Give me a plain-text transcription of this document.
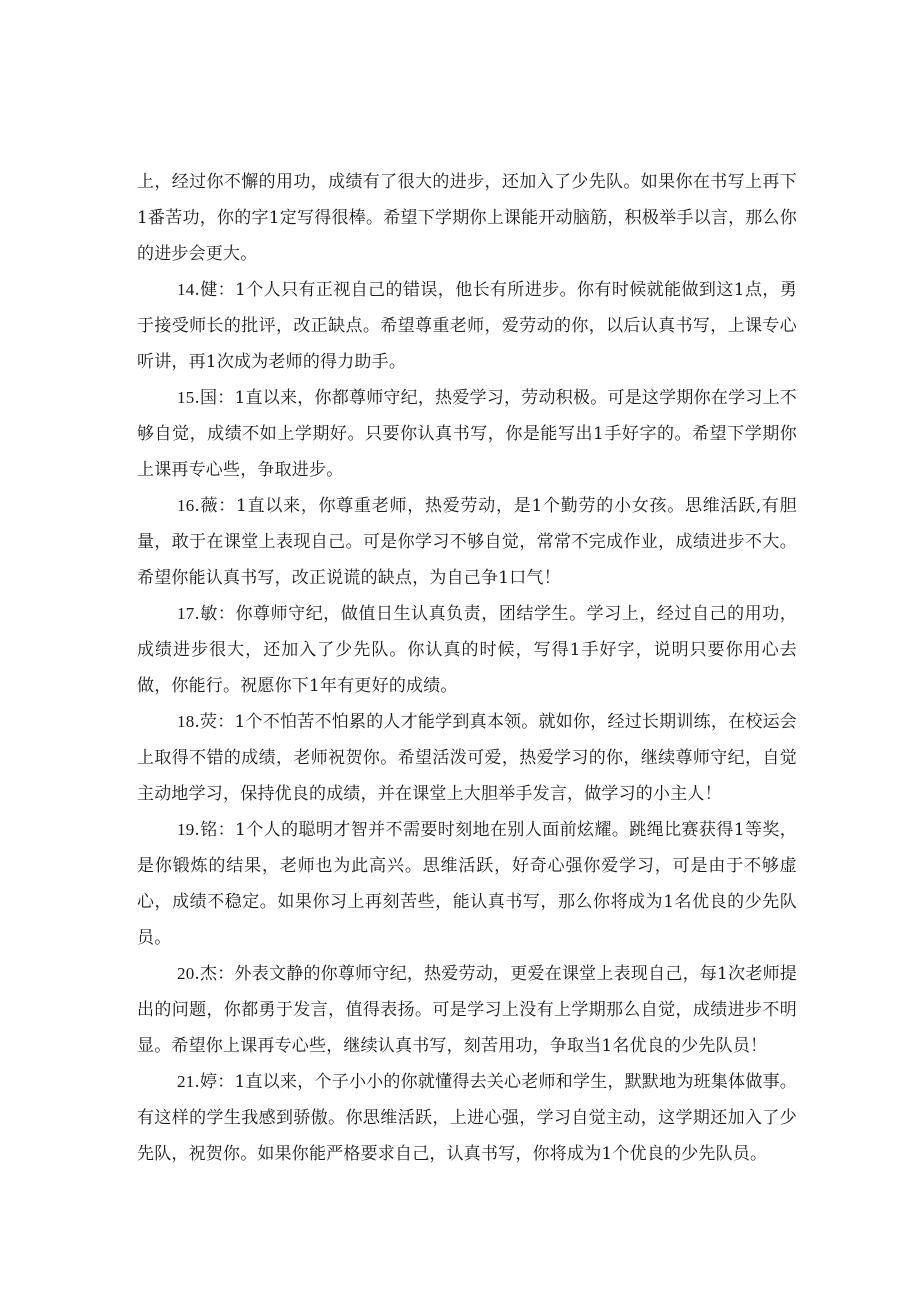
上，经过你不懈的用功，成绩有了很大的进步，还加入了少先队。如果你在书写上再下1番苦功，你的字1定写得很棒。希望下学期你上课能开动脑筋，积极举手以言，那么你的进步会更大。

14.健：1个人只有正视自己的错误，他长有所进步。你有时候就能做到这1点，勇于接受师长的批评，改正缺点。希望尊重老师，爱劳动的你，以后认真书写，上课专心听讲，再1次成为老师的得力助手。

15.国：1直以来，你都尊师守纪，热爱学习，劳动积极。可是这学期你在学习上不够自觉，成绩不如上学期好。只要你认真书写，你是能写出1手好字的。希望下学期你上课再专心些，争取进步。

16.薇：1直以来，你尊重老师，热爱劳动，是1个勤劳的小女孩。思维活跃,有胆量，敢于在课堂上表现自己。可是你学习不够自觉，常常不完成作业，成绩进步不大。希望你能认真书写，改正说谎的缺点，为自己争1口气！

17.敏：你尊师守纪，做值日生认真负责，团结学生。学习上，经过自己的用功，成绩进步很大，还加入了少先队。你认真的时候，写得1手好字，说明只要你用心去做，你能行。祝愿你下1年有更好的成绩。

18.荧：1个不怕苦不怕累的人才能学到真本领。就如你，经过长期训练，在校运会上取得不错的成绩，老师祝贺你。希望活泼可爱，热爱学习的你，继续尊师守纪，自觉主动地学习，保持优良的成绩，并在课堂上大胆举手发言，做学习的小主人！

19.铭：1个人的聪明才智并不需要时刻地在别人面前炫耀。跳绳比赛获得1等奖，是你锻炼的结果，老师也为此高兴。思维活跃，好奇心强你爱学习，可是由于不够虚心，成绩不稳定。如果你习上再刻苦些，能认真书写，那么你将成为1名优良的少先队员。

20.杰：外表文静的你尊师守纪，热爱劳动，更爱在课堂上表现自己，每1次老师提出的问题，你都勇于发言，值得表扬。可是学习上没有上学期那么自觉，成绩进步不明显。希望你上课再专心些，继续认真书写，刻苦用功，争取当1名优良的少先队员！

21.婷：1直以来，个子小小的你就懂得去关心老师和学生，默默地为班集体做事。有这样的学生我感到骄傲。你思维活跃，上进心强，学习自觉主动，这学期还加入了少先队，祝贺你。如果你能严格要求自己，认真书写，你将成为1个优良的少先队员。
